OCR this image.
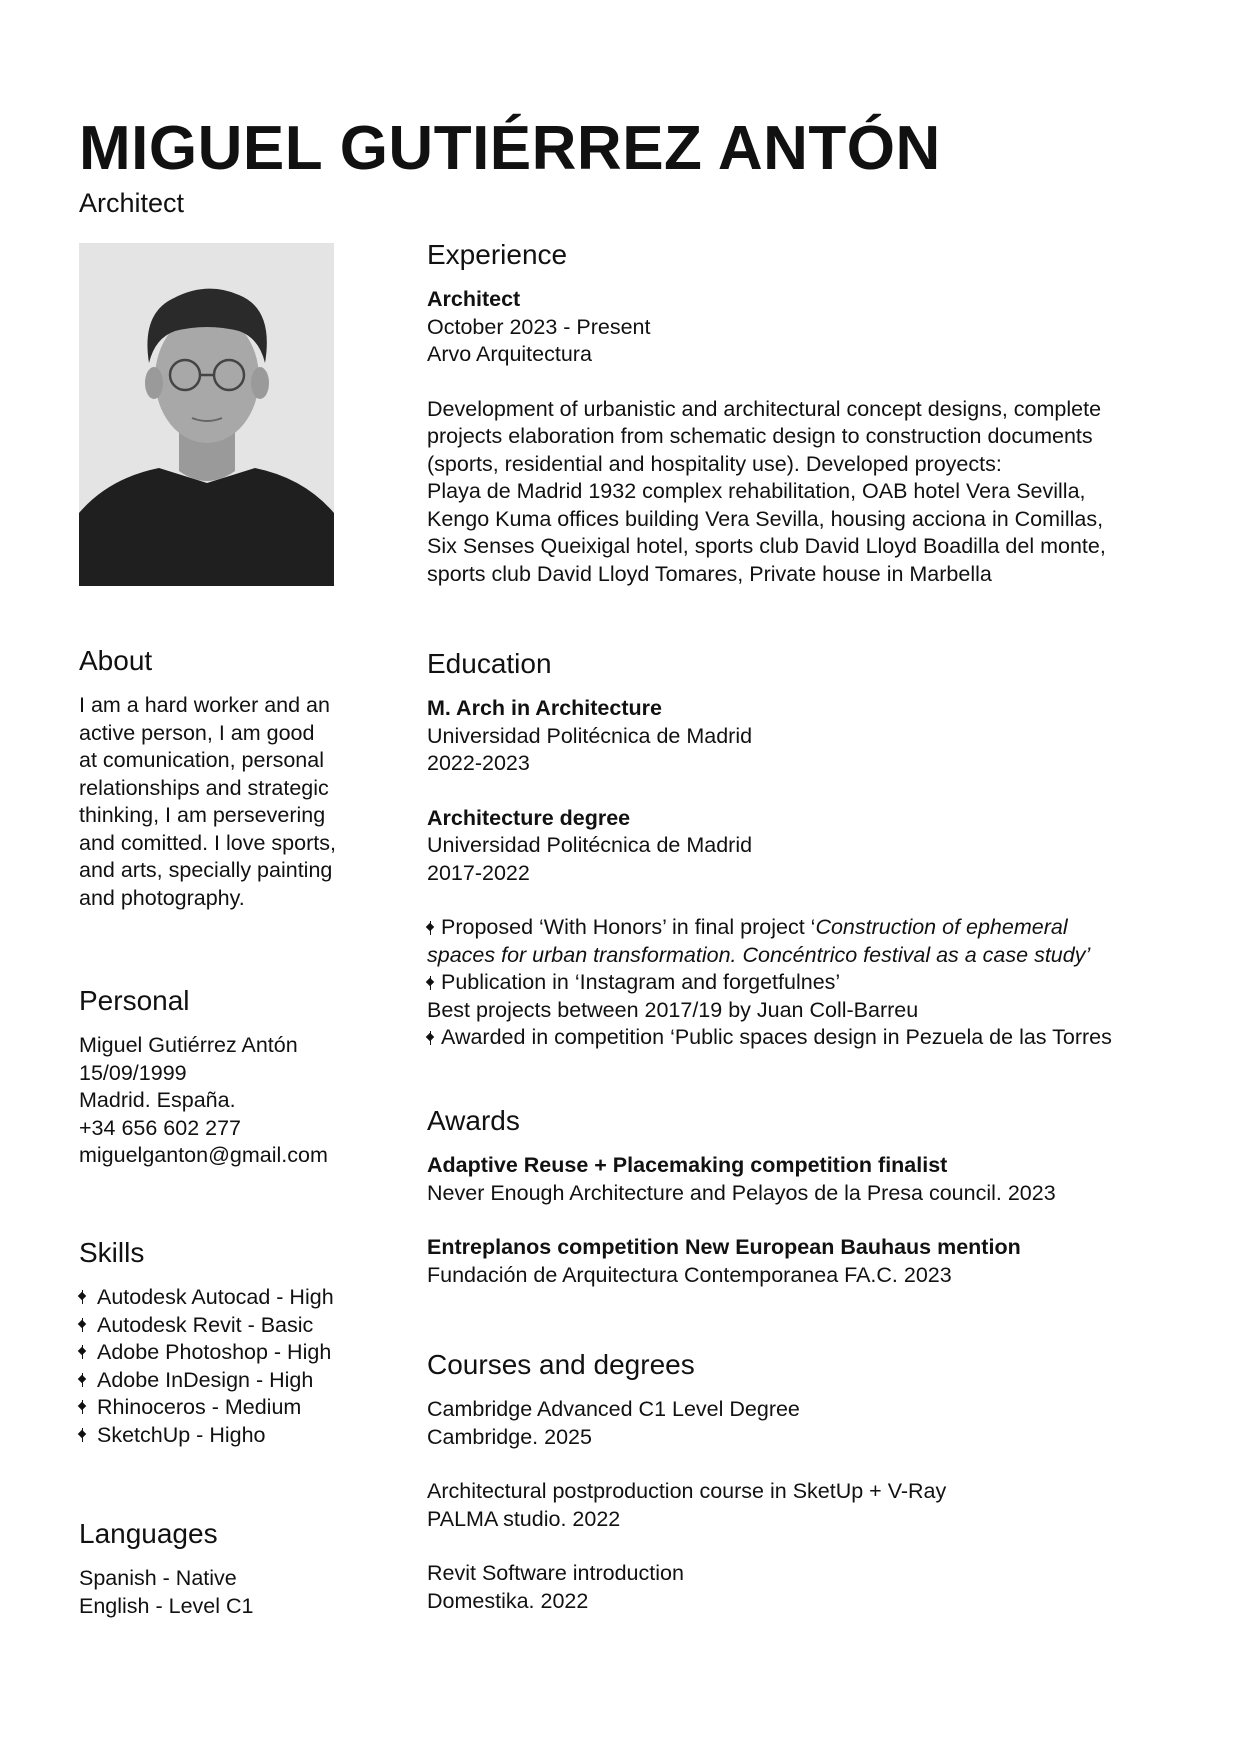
MIGUEL GUTIÉRREZ ANTÓN
Architect
About

I am a hard worker and an

active person, I am good

at comunication, personal

relationships and strategic

thinking, I am persevering

and comitted. I love sports,

and arts, specially painting

and photography.

Personal

Miguel Gutiérrez Antón

15/09/1999

Madrid. España.

+34 656 602 277

miguelganton@gmail.com

Skills
Autodesk Autocad - High
Autodesk Revit - Basic
Adobe Photoshop - High
Adobe InDesign - High
Rhinoceros - Medium
SketchUp - Higho
Languages

Spanish - Native

English - Level C1

Experience

Architect

October 2023 - Present

Arvo Arquitectura

Development of urbanistic and architectural concept designs, complete

projects elaboration from schematic design to construction documents

(sports, residential and hospitality use). Developed proyects:

Playa de Madrid 1932 complex rehabilitation, OAB hotel Vera Sevilla,

Kengo Kuma offices building Vera Sevilla, housing acciona in Comillas,

Six Senses Queixigal hotel, sports club David Lloyd Boadilla del monte,

sports club David Lloyd Tomares, Private house in Marbella

Education

M. Arch in Architecture

Universidad Politécnica de Madrid

2022-2023

Architecture degree

Universidad Politécnica de Madrid

2017-2022

Proposed ‘With Honors’ in final project ‘Construction of ephemeral

spaces for urban transformation. Concéntrico festival as a case study’

Publication in ‘Instagram and forgetfulnes’

Best projects between 2017/19 by Juan Coll-Barreu

Awarded in competition ‘Public spaces design in Pezuela de las Torres

Awards

Adaptive Reuse + Placemaking competition finalist

Never Enough Architecture and Pelayos de la Presa council. 2023

Entreplanos competition New European Bauhaus mention

Fundación de Arquitectura Contemporanea FA.C. 2023

Courses and degrees

Cambridge Advanced C1 Level Degree

Cambridge. 2025

Architectural postproduction course in SketUp + V-Ray

PALMA studio. 2022

Revit Software introduction

Domestika. 2022
